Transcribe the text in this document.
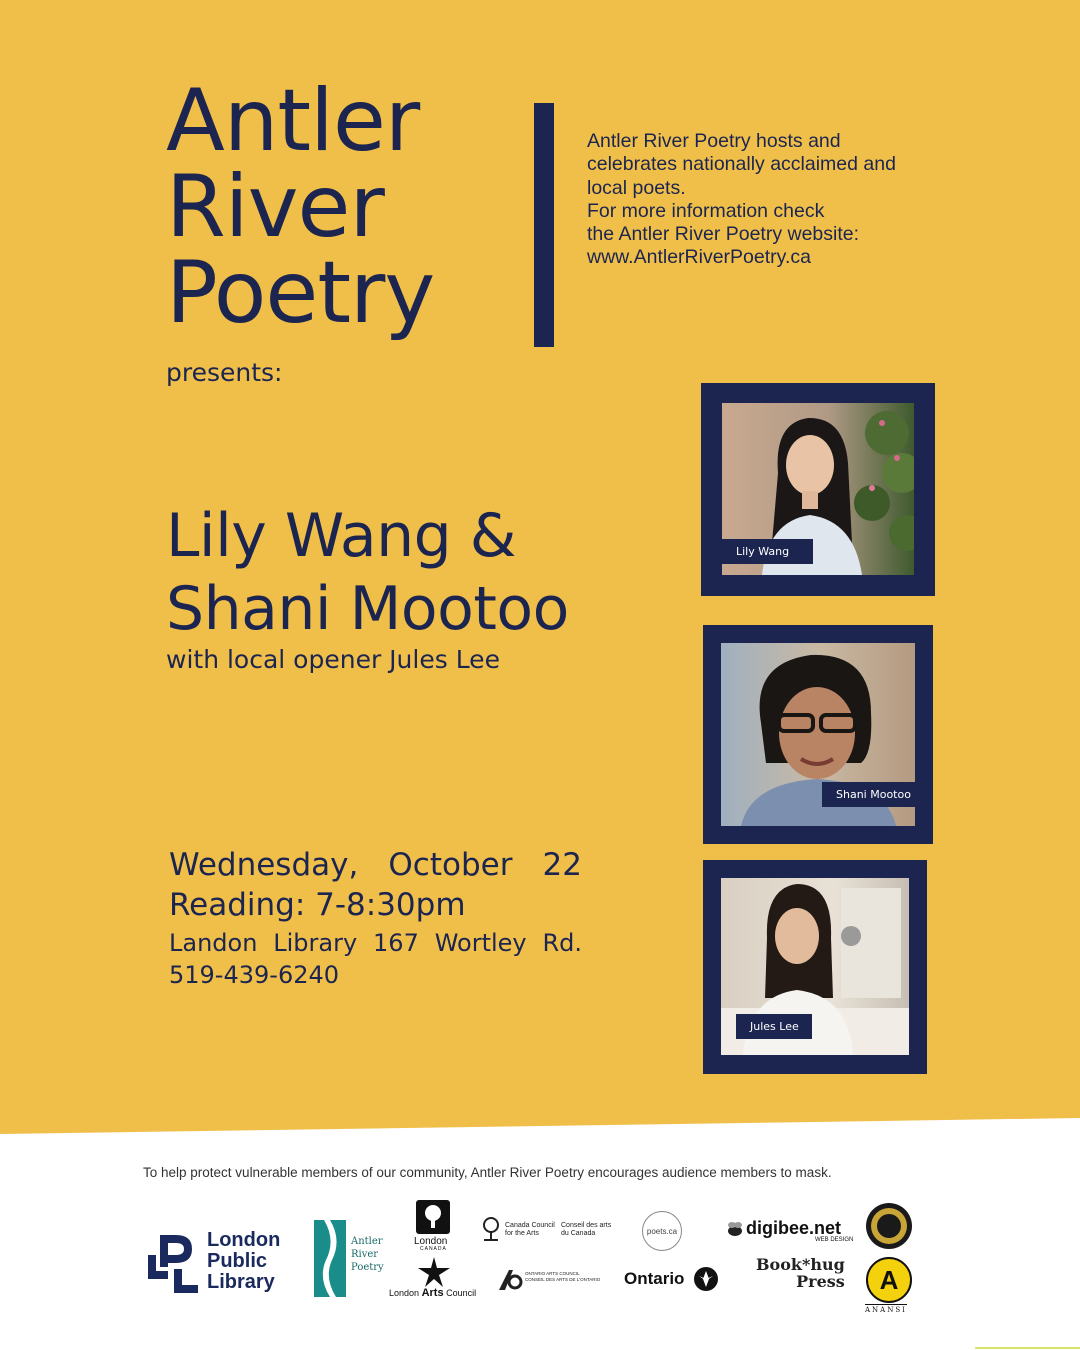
Antler
River
Poetry
Antler River Poetry hosts and
celebrates nationally acclaimed and
local poets.
For more information check
the Antler River Poetry website:
www.AntlerRiverPoetry.ca
presents:
Lily Wang &
Shani Mootoo
with local opener Jules Lee
Wednesday, October 22
Reading: 7-8:30pm
Landon Library 167 Wortley Rd.
519-439-6240
Lily Wang
Shani Mootoo
Jules Lee
To help protect vulnerable members of our community, Antler River Poetry encourages audience members to mask.
London
Public
Library
Antler
River
Poetry
London
CANADA
London Arts Council
Canada Council
for the Arts
Conseil des arts
du Canada
ONTARIO ARTS COUNCIL
CONSEIL DES ARTS DE L'ONTARIO
poets.ca
Ontario
digibee.net
WEB DESIGN
Book*hug
Press	A
ANANSI
